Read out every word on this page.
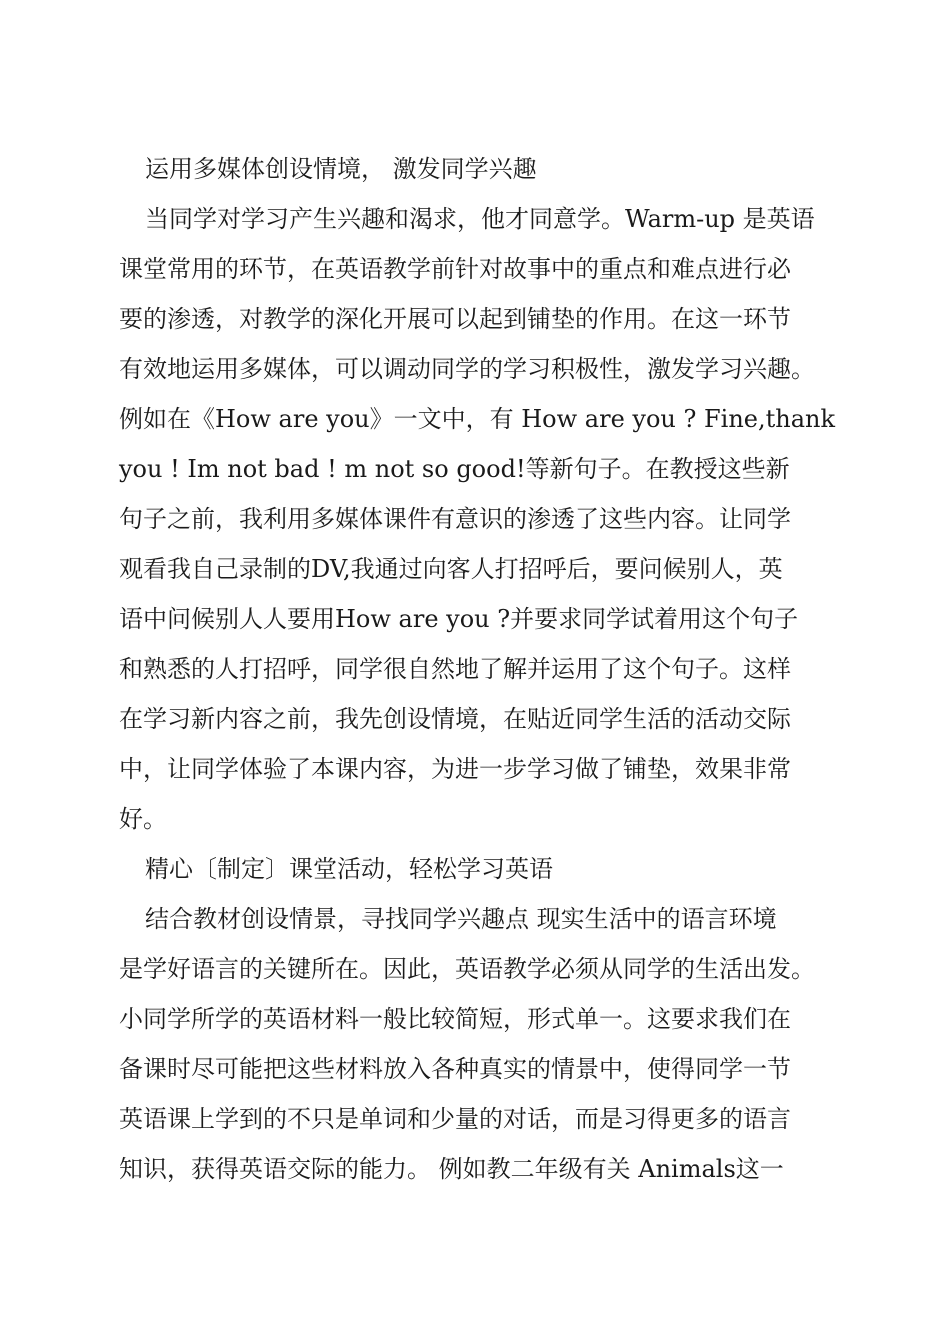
运用多媒体创设情境， 激发同学兴趣
当同学对学习产生兴趣和渴求，他才同意学。Warm-up 是英语
课堂常用的环节，在英语教学前针对故事中的重点和难点进行必
要的渗透，对教学的深化开展可以起到铺垫的作用。在这一环节
有效地运用多媒体，可以调动同学的学习积极性，激发学习兴趣。
例如在《How are you》一文中，有 How are you ? Fine,thank
you ! Im not bad ! m not so good!等新句子。在教授这些新
句子之前，我利用多媒体课件有意识的渗透了这些内容。让同学
观看我自己录制的DV,我通过向客人打招呼后，要问候别人，英
语中问候别人人要用How are you ?并要求同学试着用这个句子
和熟悉的人打招呼，同学很自然地了解并运用了这个句子。这样
在学习新内容之前，我先创设情境，在贴近同学生活的活动交际
中，让同学体验了本课内容，为进一步学习做了铺垫，效果非常
好。
精心〔制定〕课堂活动，轻松学习英语
结合教材创设情景，寻找同学兴趣点 现实生活中的语言环境
是学好语言的关键所在。因此，英语教学必须从同学的生活出发。
小同学所学的英语材料一般比较简短，形式单一。这要求我们在
备课时尽可能把这些材料放入各种真实的情景中，使得同学一节
英语课上学到的不只是单词和少量的对话，而是习得更多的语言
知识，获得英语交际的能力。 例如教二年级有关 Animals这一
